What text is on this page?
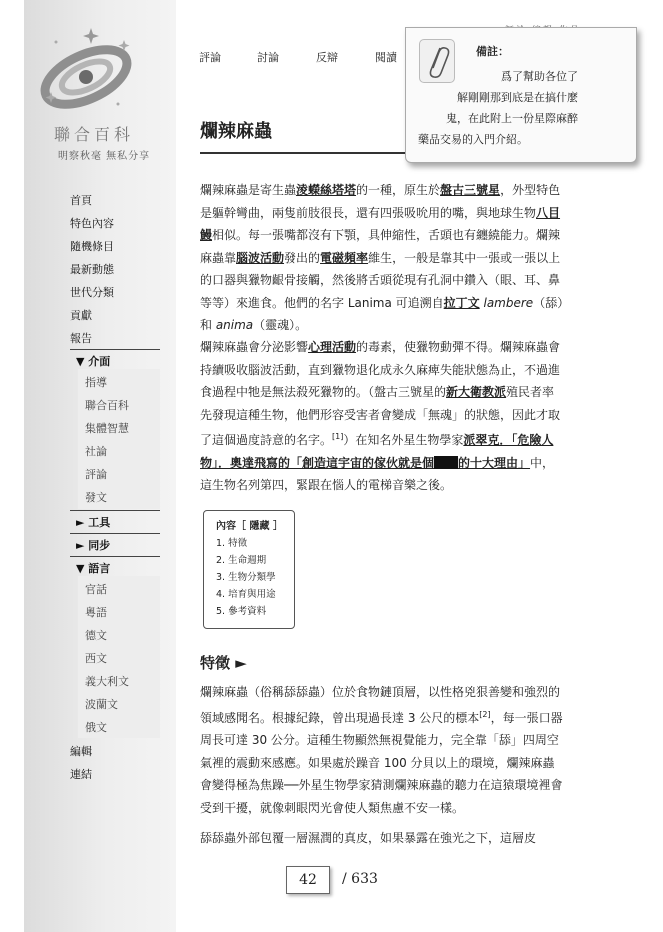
聯合百科
明察秋毫 無私分享
首頁
特色內容
隨機條目
最新動態
世代分類
貢獻
報告
▼ 介面
指導
聯合百科
集體智慧
社論
評論
發文
► 工具
► 同步
▼ 語言
官話
粵語
德文
西文
義大利文
波蘭文
俄文
編輯
連結
評論	討論	反辯	閱讀
爛辣麻蟲
備註：
爲了幫助各位了
解剛剛那到底是在搞什麼
鬼，在此附上一份星際麻醉
藥品交易的入門介紹。
爛辣麻蟲是寄生蟲淩蠑絲塔塔的一種，原生於盤古三號星，外型特色是軀幹彎曲，兩隻前肢很長，還有四張吸吮用的嘴，與地球生物八目鰻相似。每一張嘴都沒有下顎，具伸縮性，舌頭也有纏繞能力。爛辣麻蟲靠腦波活動發出的電磁頻率維生，一般是靠其中一張或一張以上的口器與獵物齦骨接觸，然後將舌頭從現有孔洞中鑽入（眼、耳、鼻等等）來進食。他們的名字 Lanima 可追溯自拉丁文 lambere（舔）和 anima（靈魂）。
爛辣麻蟲會分泌影響心理活動的毒素，使獵物動彈不得。爛辣麻蟲會持續吸收腦波活動，直到獵物退化成永久麻痺失能狀態為止，不過進食過程中牠是無法殺死獵物的。（盤古三號星的新大衛教派殖民者率先發現這種生物，他們形容受害者會變成「無魂」的狀態，因此才取了這個過度詩意的名字。[1]）在知名外星生物學家派翠克．「危險人物」．奧達飛寫的「創造這宇宙的傢伙就是個 的十大理由」中，這生物名列第四，緊跟在惱人的電梯音樂之後。
內容［ 隱藏 ］
1. 特徵
2. 生命週期
3. 生物分類學
4. 培育與用途
5. 參考資料
特徵 ►
爛辣麻蟲（俗稱舔舔蟲）位於食物鏈頂層，以性格兇狠善變和強烈的領域感聞名。根據紀錄，曾出現過長達 3 公尺的標本[2]，每一張口器周長可達 30 公分。這種生物顯然無視覺能力，完全靠「舔」四周空氣裡的震動來感應。如果處於躁音 100 分貝以上的環境，爛辣麻蟲會變得極為焦躁──外星生物學家猜測爛辣麻蟲的聽力在這猿環境裡會受到干擾，就像刺眼閃光會使人類焦慮不安一樣。
舔舔蟲外部包覆一層濕潤的真皮，如果暴露在強光之下，這層皮
42	/ 633
